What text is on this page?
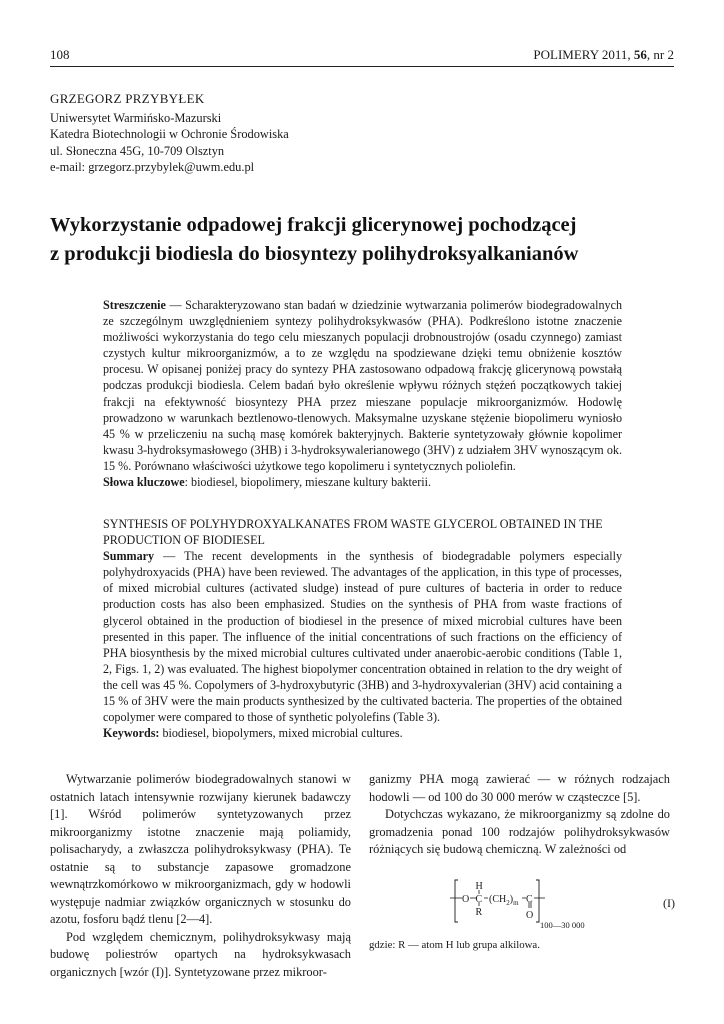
108	POLIMERY 2011, 56, nr 2
GRZEGORZ PRZYBYŁEK
Uniwersytet Warmińsko-Mazurski
Katedra Biotechnologii w Ochronie Środowiska
ul. Słoneczna 45G, 10-709 Olsztyn
e-mail: grzegorz.przybylek@uwm.edu.pl
Wykorzystanie odpadowej frakcji glicerynowej pochodzącej
z produkcji biodiesla do biosyntezy polihydroksyalkanianów
Streszczenie — Scharakteryzowano stan badań w dziedzinie wytwarzania polimerów biodegradowalnych ze szczególnym uwzględnieniem syntezy polihydroksykwasów (PHA). Podkreślono istotne znaczenie możliwości wykorzystania do tego celu mieszanych populacji drobnoustrojów (osadu czynnego) zamiast czystych kultur mikroorganizmów, a to ze względu na spodziewane dzięki temu obniżenie kosztów procesu. W opisanej poniżej pracy do syntezy PHA zastosowano odpadową frakcję glicerynową powstałą podczas produkcji biodiesla. Celem badań było określenie wpływu różnych stężeń początkowych takiej frakcji na efektywność biosyntezy PHA przez mieszane populacje mikroorganizmów. Hodowlę prowadzono w warunkach beztlenowo-tlenowych. Maksymalne uzyskane stężenie biopolimeru wyniosło 45 % w przeliczeniu na suchą masę komórek bakteryjnych. Bakterie syntetyzowały głównie kopolimer kwasu 3-hydroksymasłowego (3HB) i 3-hydroksywalerianowego (3HV) z udziałem 3HV wynoszącym ok. 15 %. Porównano właściwości użytkowe tego kopolimeru i syntetycznych poliolefin.
Słowa kluczowe: biodiesel, biopolimery, mieszane kultury bakterii.
SYNTHESIS OF POLYHYDROXYALKANATES FROM WASTE GLYCEROL OBTAINED IN THE
PRODUCTION OF BIODIESEL
Summary — The recent developments in the synthesis of biodegradable polymers especially polyhydroxyacids (PHA) have been reviewed. The advantages of the application, in this type of processes, of mixed microbial cultures (activated sludge) instead of pure cultures of bacteria in order to reduce production costs has also been emphasized. Studies on the synthesis of PHA from waste fractions of glycerol obtained in the production of biodiesel in the presence of mixed microbial cultures have been presented in this paper. The influence of the initial concentrations of such fractions on the efficiency of PHA biosynthesis by the mixed microbial cultures cultivated under anaerobic-aerobic conditions (Table 1, 2, Figs. 1, 2) was evaluated. The highest biopolymer concentration obtained in relation to the dry weight of the cell was 45 %. Copolymers of 3-hydroxybutyric (3HB) and 3-hydroxyvalerian (3HV) acid containing a 15 % of 3HV were the main products synthesized by the cultivated bacteria. The properties of the obtained copolymer were compared to those of synthetic polyolefins (Table 3).
Keywords: biodiesel, biopolymers, mixed microbial cultures.

Wytwarzanie polimerów biodegradowalnych stanowi w ostatnich latach intensywnie rozwijany kierunek badawczy [1]. Wśród polimerów syntetyzowanych przez mikroorganizmy istotne znaczenie mają poliamidy, polisacharydy, a zwłaszcza polihydroksykwasy (PHA). Te ostatnie są to substancje zapasowe gromadzone wewnątrzkomórkowo w mikroorganizmach, gdy w hodowli występuje nadmiar związków organicznych w stosunku do azotu, fosforu bądź tlenu [2—4].

Pod względem chemicznym, polihydroksykwasy mają budowę poliestrów opartych na hydroksykwasach organicznych [wzór (I)]. Syntetyzowane przez mikroor-

ganizmy PHA mogą zawierać — w różnych rodzajach hodowli — od 100 do 30 000 merów w cząsteczce [5].

Dotychczas wykazano, że mikroorganizmy są zdolne do gromadzenia ponad 100 rodzajów polihydroksykwasów różniących się budową chemiczną. W zależności od

O
H
C
R
$(CH_2)_m$ C
O
100—30 000
(I)
gdzie: R — atom H lub grupa alkilowa.
